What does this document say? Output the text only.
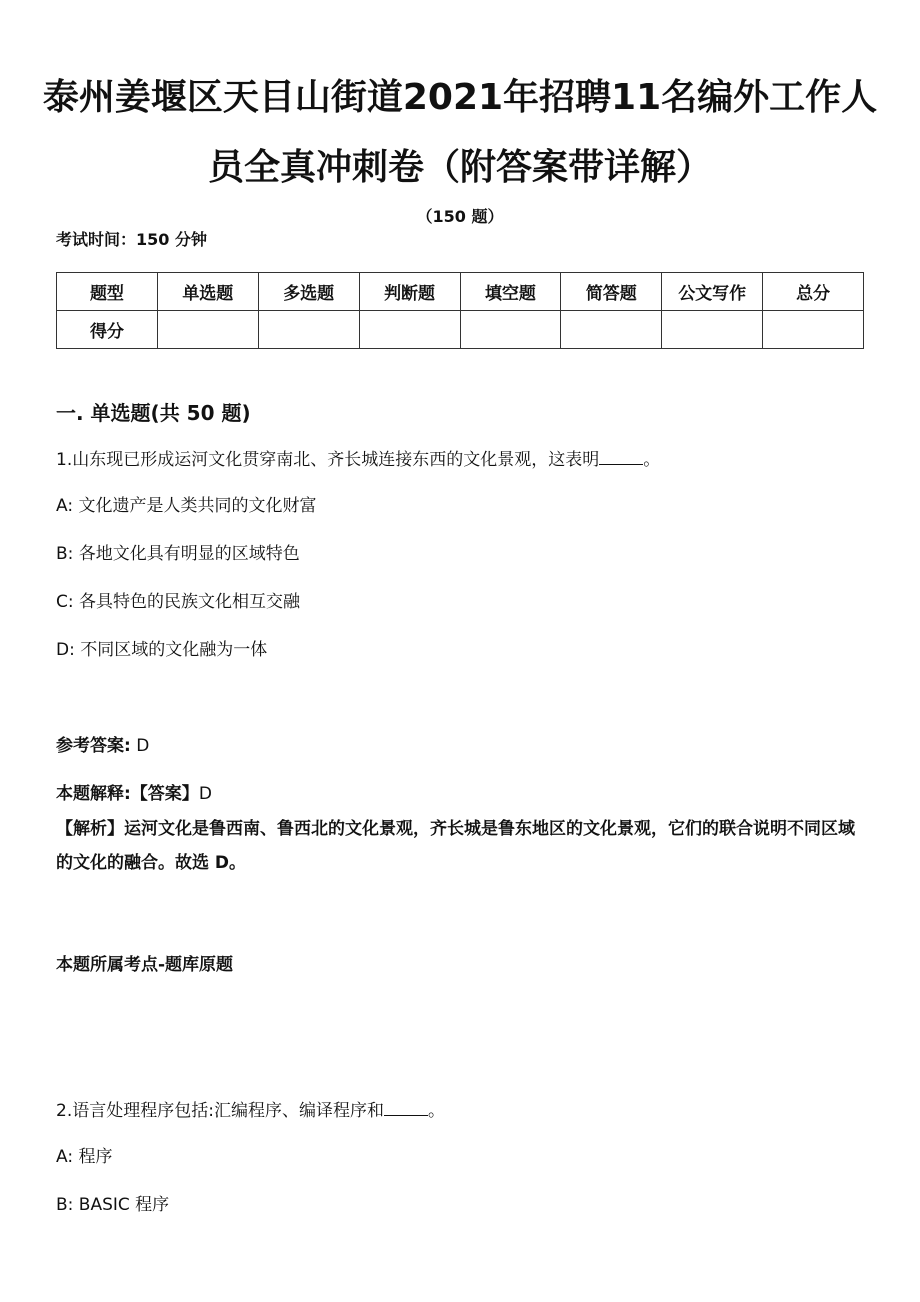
泰州姜堰区天目山街道2021年招聘11名编外工作人
员全真冲刺卷（附答案带详解）
（150 题）
考试时间：150 分钟
题型	单选题	多选题	判断题	填空题	简答题	公文写作	总分
得分							
一. 单选题(共 50 题)
1.山东现已形成运河文化贯穿南北、齐长城连接东西的文化景观，这表明	。
A: 文化遗产是人类共同的文化财富
B: 各地文化具有明显的区域特色
C: 各具特色的民族文化相互交融
D: 不同区域的文化融为一体
参考答案: D
本题解释:【答案】D
【解析】运河文化是鲁西南、鲁西北的文化景观，齐长城是鲁东地区的文化景观，它们的联合说明不同区域的文化的融合。故选 D。
本题所属考点-题库原题
2.语言处理程序包括:汇编程序、编译程序和	。
A: 程序
B: BASIC 程序
